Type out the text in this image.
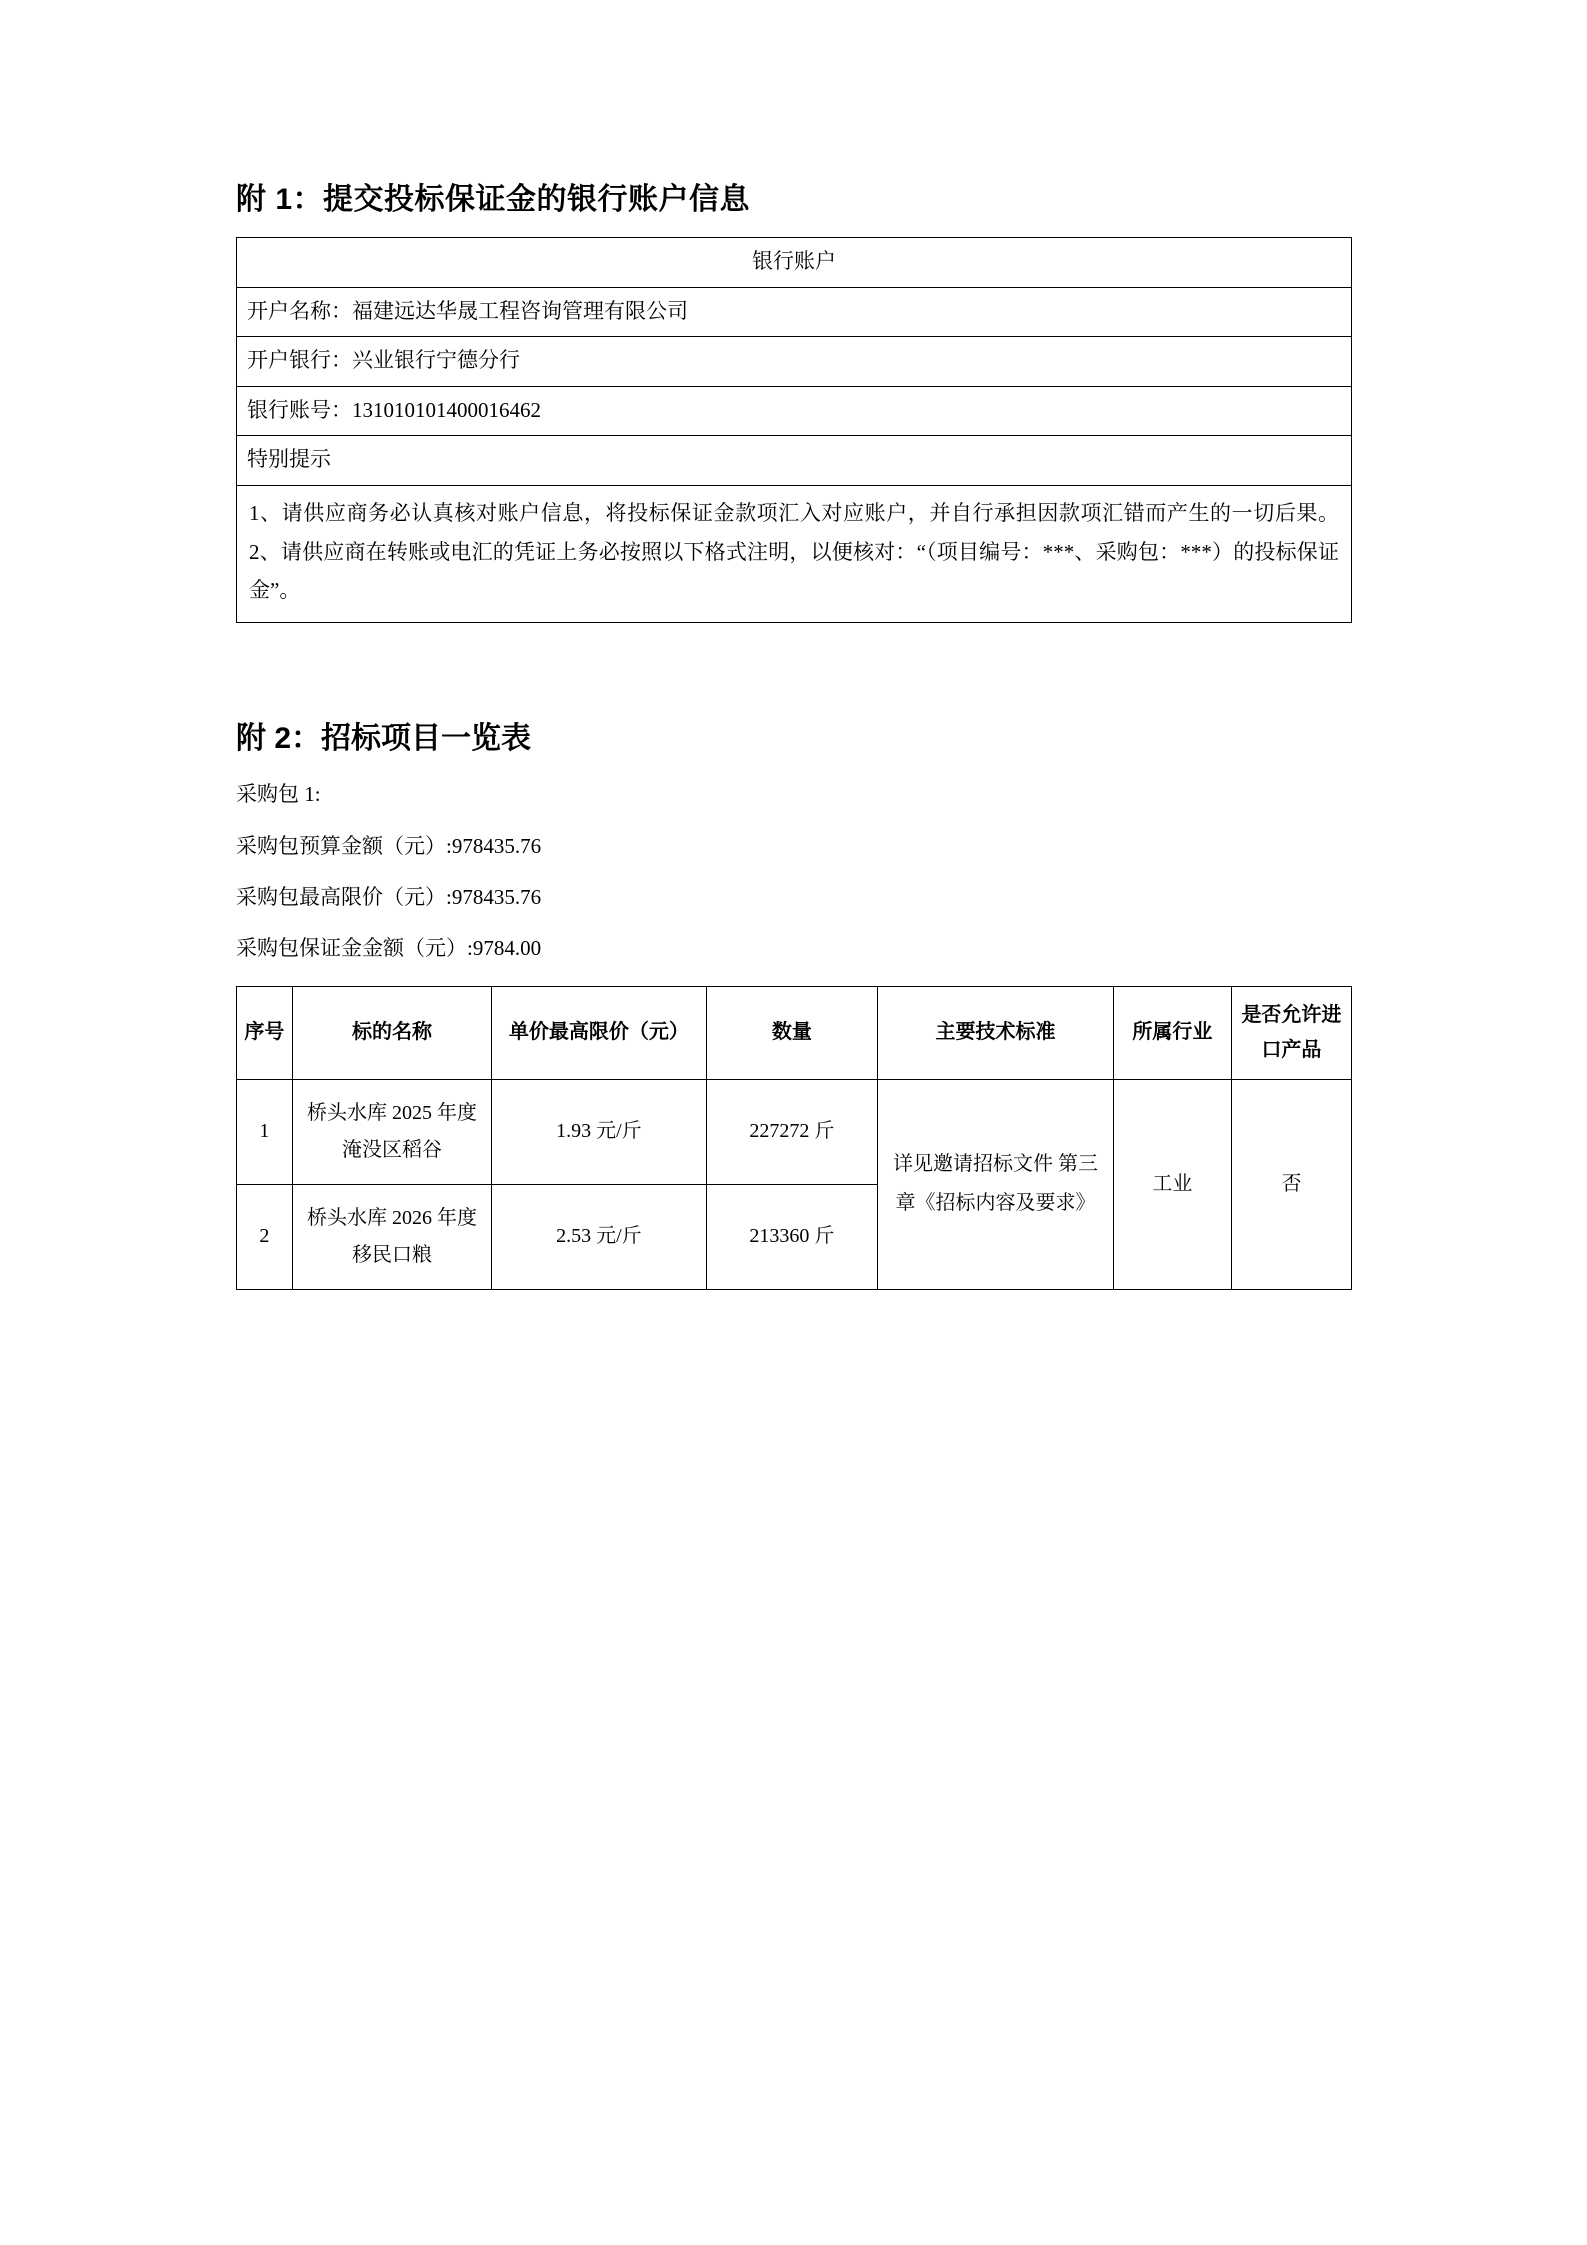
附 1：提交投标保证金的银行账户信息
银行账户
开户名称：福建远达华晟工程咨询管理有限公司
开户银行：兴业银行宁德分行
银行账号：131010101400016462
特别提示
1、请供应商务必认真核对账户信息，将投标保证金款项汇入对应账户，并自行承担因款项汇错而产生的一切后果。 2、请供应商在转账或电汇的凭证上务必按照以下格式注明，以便核对：“（项目编号：***、采购包：***）的投标保证金”。
附 2：招标项目一览表

采购包 1:

采购包预算金额（元）:978435.76

采购包最高限价（元）:978435.76

采购包保证金金额（元）:9784.00

序号	标的名称	单价最高限价（元）	数量	主要技术标准	所属行业	是否允许进口产品
1	桥头水库 2025 年度淹没区稻谷	1.93 元/斤	227272 斤	详见邀请招标文件 第三章《招标内容及要求》	工业	否
2	桥头水库 2026 年度移民口粮	2.53 元/斤	213360 斤			
